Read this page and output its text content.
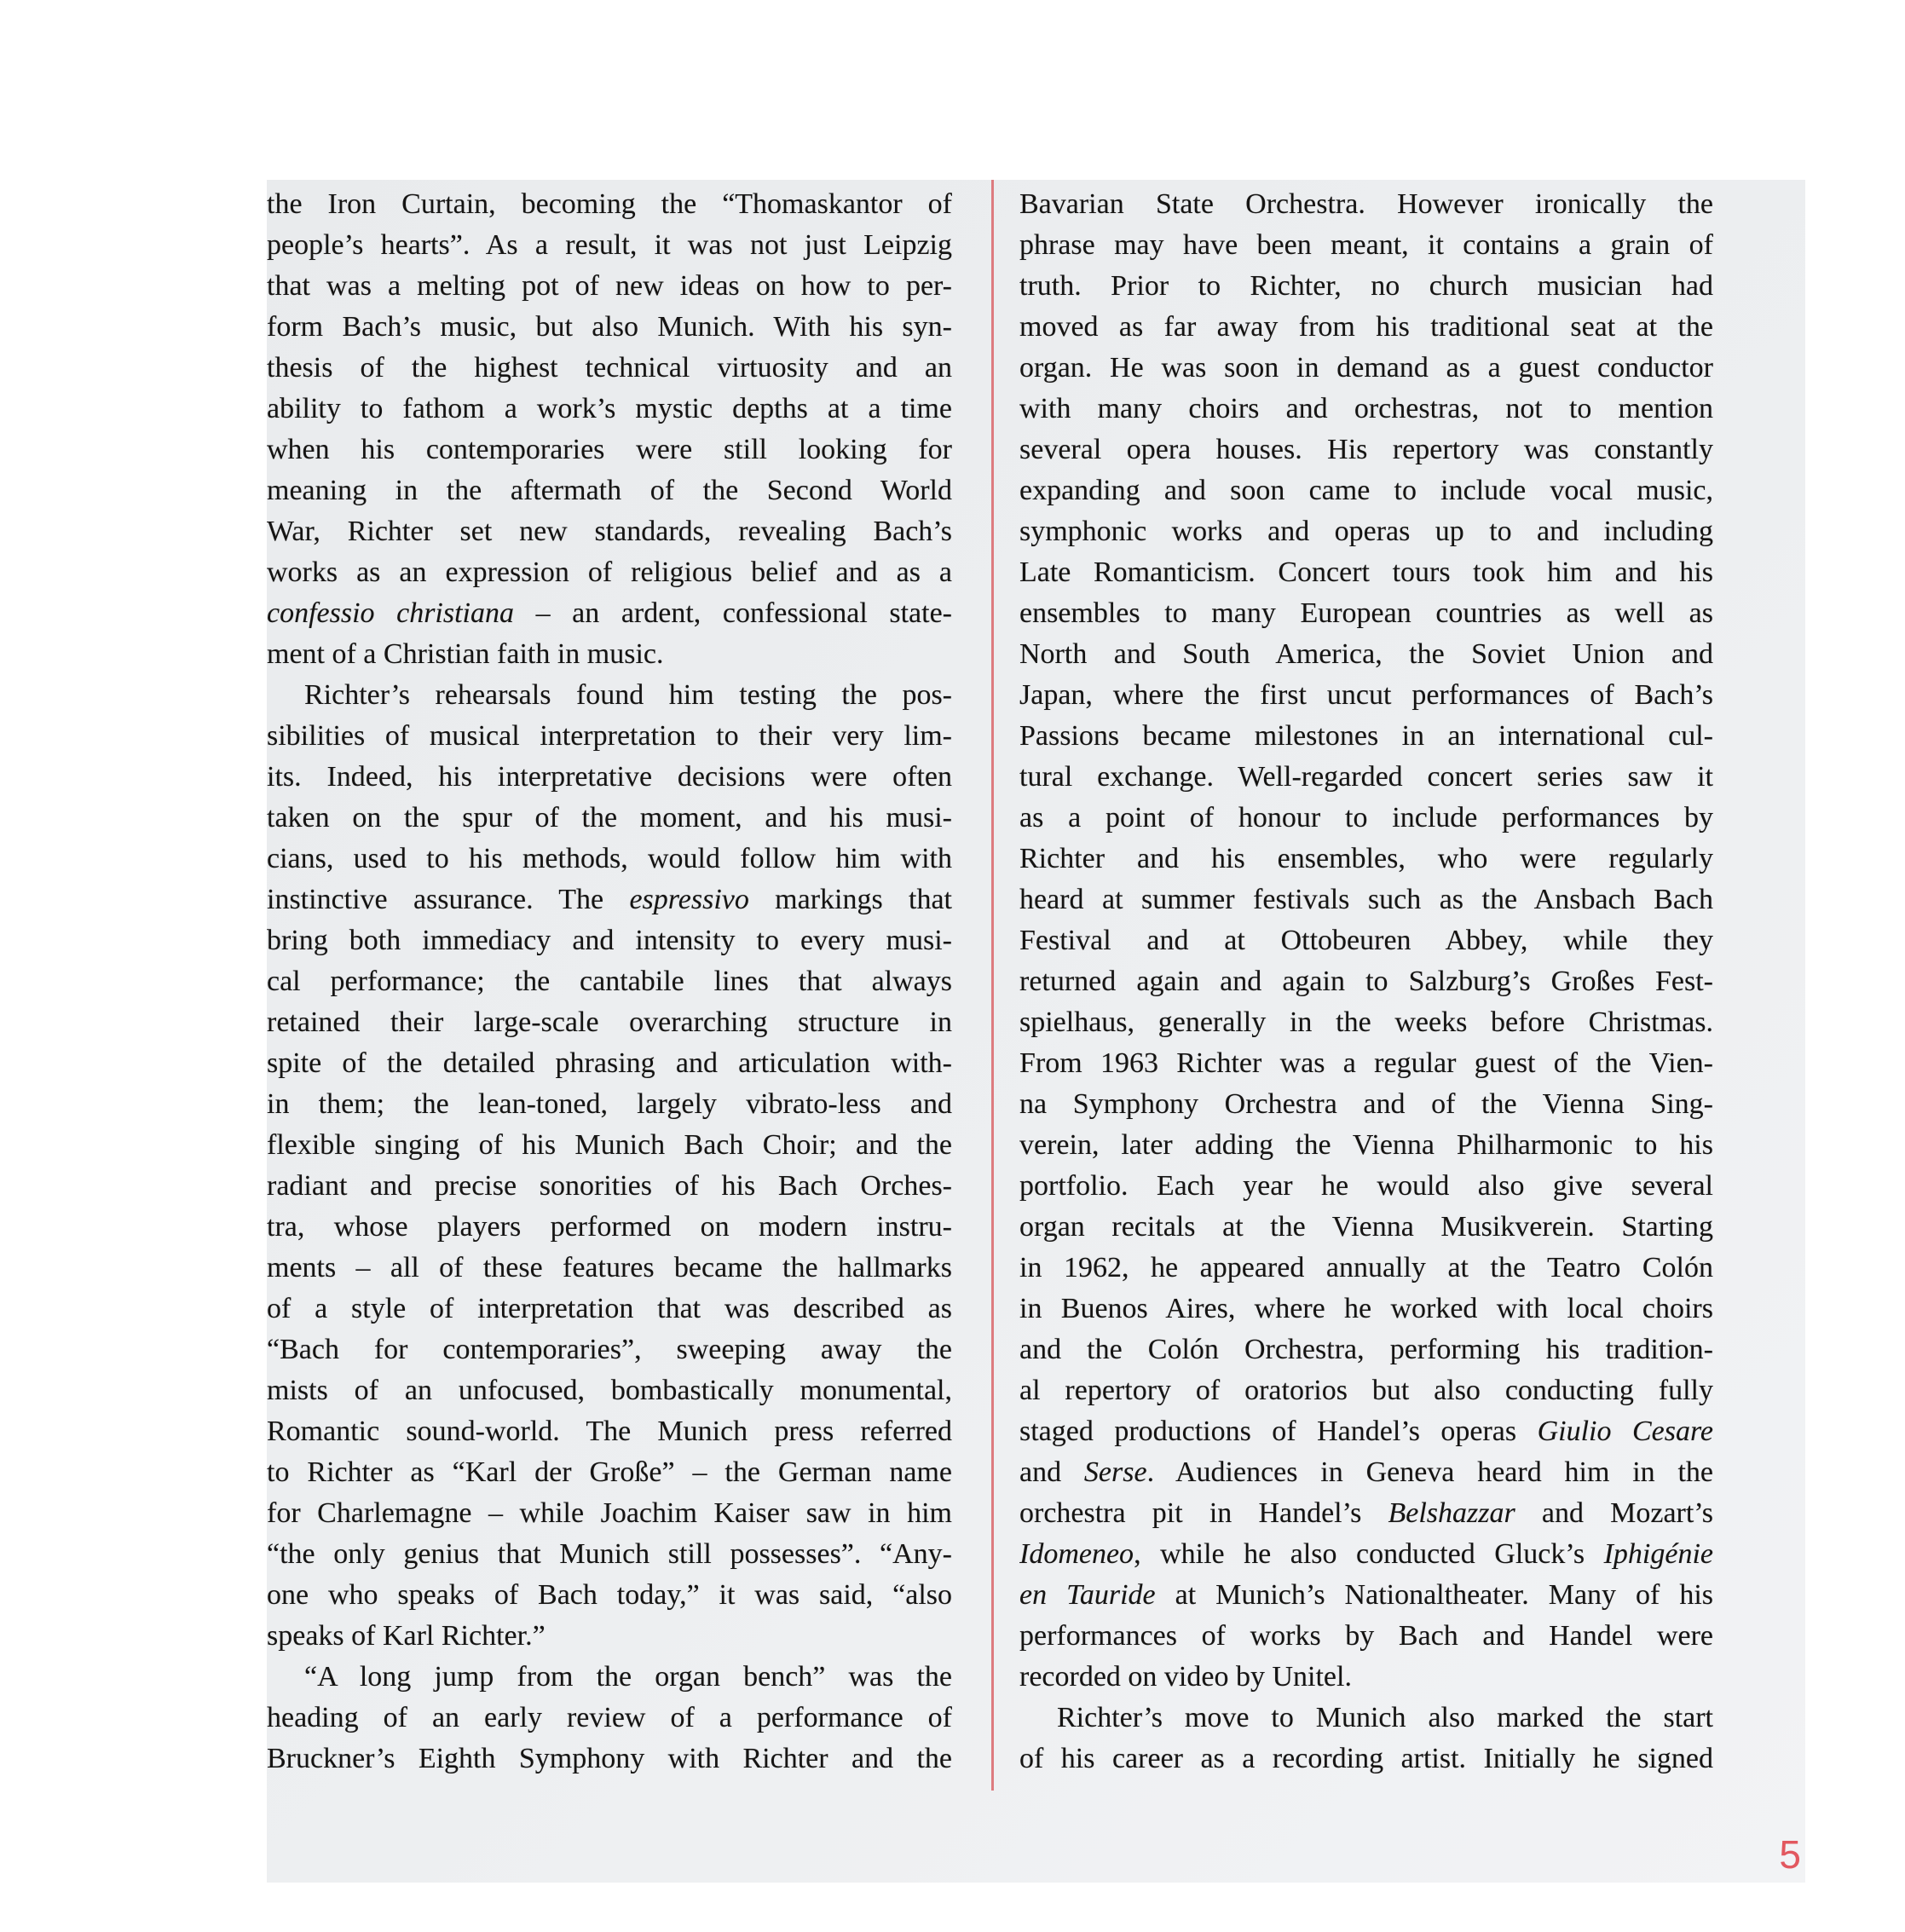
the Iron Curtain, becoming the “Thomaskantor of
people’s hearts”. As a result, it was not just Leipzig
that was a melting pot of new ideas on how to per-
form Bach’s music, but also Munich. With his syn-
thesis of the highest technical virtuosity and an
ability to fathom a work’s mystic depths at a time
when his contemporaries were still looking for
meaning in the aftermath of the Second World
War, Richter set new standards, revealing Bach’s
works as an expression of religious belief and as a
confessio christiana – an ardent, confessional state-
ment of a Christian faith in music.
Richter’s rehearsals found him testing the pos-
sibilities of musical interpretation to their very lim-
its. Indeed, his interpretative decisions were often
taken on the spur of the moment, and his musi-
cians, used to his methods, would follow him with
instinctive assurance. The espressivo markings that
bring both immediacy and intensity to every musi-
cal performance; the cantabile lines that always
retained their large-scale overarching structure in
spite of the detailed phrasing and articulation with-
in them; the lean-toned, largely vibrato-less and
flexible singing of his Munich Bach Choir; and the
radiant and precise sonorities of his Bach Orches-
tra, whose players performed on modern instru-
ments – all of these features became the hallmarks
of a style of interpretation that was described as
“Bach for contemporaries”, sweeping away the
mists of an unfocused, bombastically monumental,
Romantic sound-world. The Munich press referred
to Richter as “Karl der Große” – the German name
for Charlemagne – while Joachim Kaiser saw in him
“the only genius that Munich still possesses”. “Any-
one who speaks of Bach today,” it was said, “also
speaks of Karl Richter.”
“A long jump from the organ bench” was the
heading of an early review of a performance of
Bruckner’s Eighth Symphony with Richter and the
Bavarian State Orchestra. However ironically the
phrase may have been meant, it contains a grain of
truth. Prior to Richter, no church musician had
moved as far away from his traditional seat at the
organ. He was soon in demand as a guest conductor
with many choirs and orchestras, not to mention
several opera houses. His repertory was constantly
expanding and soon came to include vocal music,
symphonic works and operas up to and including
Late Romanticism. Concert tours took him and his
ensembles to many European countries as well as
North and South America, the Soviet Union and
Japan, where the first uncut performances of Bach’s
Passions became milestones in an international cul-
tural exchange. Well-regarded concert series saw it
as a point of honour to include performances by
Richter and his ensembles, who were regularly
heard at summer festivals such as the Ansbach Bach
Festival and at Ottobeuren Abbey, while they
returned again and again to Salzburg’s Großes Fest-
spielhaus, generally in the weeks before Christmas.
From 1963 Richter was a regular guest of the Vien-
na Symphony Orchestra and of the Vienna Sing-
verein, later adding the Vienna Philharmonic to his
portfolio. Each year he would also give several
organ recitals at the Vienna Musikverein. Starting
in 1962, he appeared annually at the Teatro Colón
in Buenos Aires, where he worked with local choirs
and the Colón Orchestra, performing his tradition-
al repertory of oratorios but also conducting fully
staged productions of Handel’s operas Giulio Cesare
and Serse. Audiences in Geneva heard him in the
orchestra pit in Handel’s Belshazzar and Mozart’s
Idomeneo, while he also conducted Gluck’s Iphigénie
en Tauride at Munich’s Nationaltheater. Many of his
performances of works by Bach and Handel were
recorded on video by Unitel.
Richter’s move to Munich also marked the start
of his career as a recording artist. Initially he signed
5
